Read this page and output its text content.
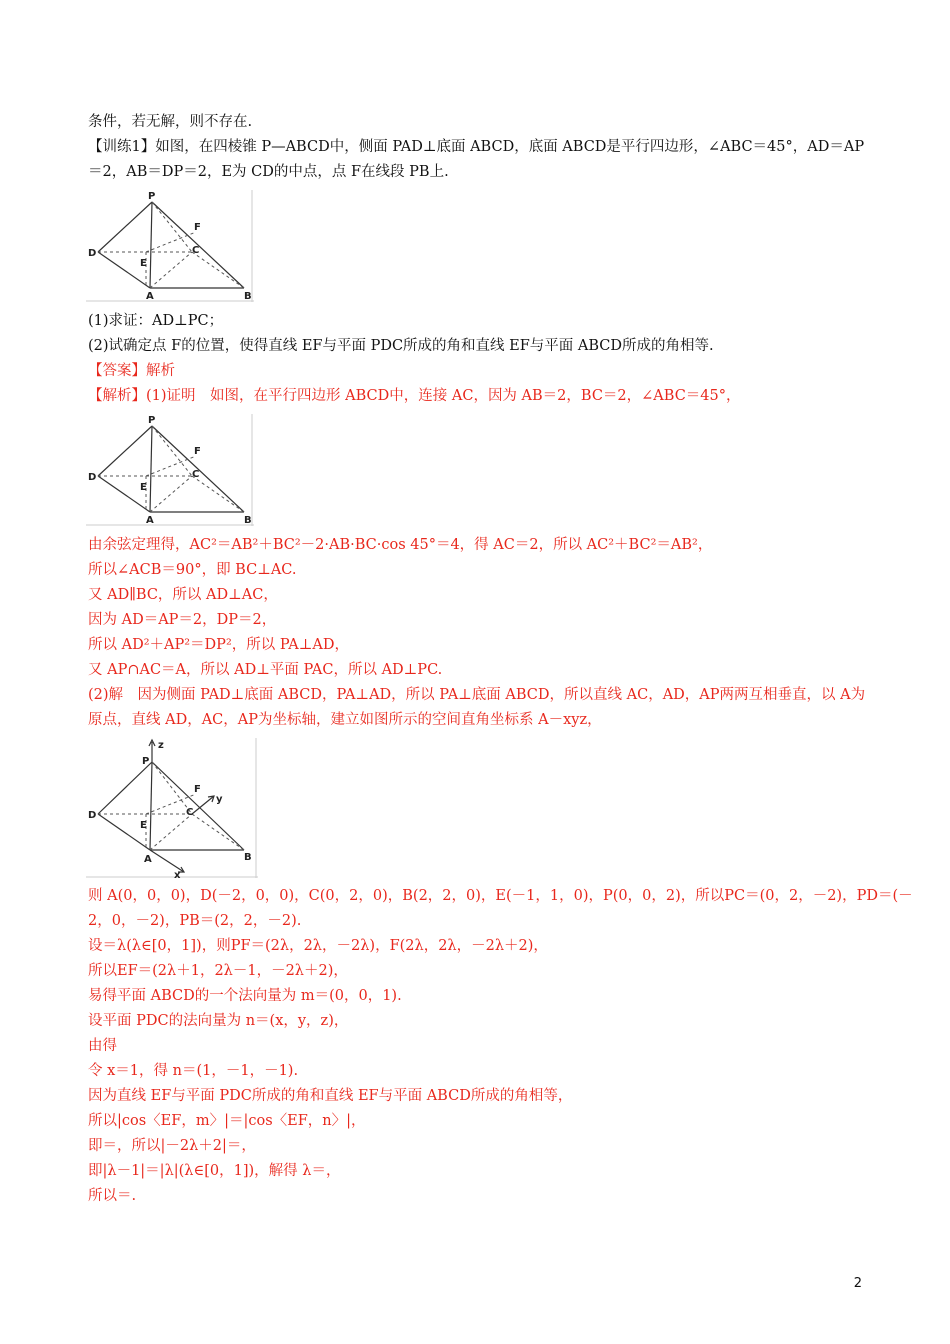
条件，若无解，则不存在.
【训练1】如图，在四棱锥 P—ABCD中，侧面 PAD⊥底面 ABCD，底面 ABCD是平行四边形，∠ABC＝45°，AD＝AP
＝2，AB＝DP＝2，E为 CD的中点，点 F在线段 PB上.
P
D
E
F
C
A	B
(1)求证：AD⊥PC；
(2)试确定点 F的位置，使得直线 EF与平面 PDC所成的角和直线 EF与平面 ABCD所成的角相等.
【答案】解析
【解析】(1)证明　如图，在平行四边形 ABCD中，连接 AC，因为 AB＝2，BC＝2，∠ABC＝45°，
P
D
E
F
C
A	B
由余弦定理得，AC²＝AB²＋BC²－2·AB·BC·cos 45°＝4，得 AC＝2，所以 AC²＋BC²＝AB²，
所以∠ACB＝90°，即 BC⊥AC.
又 AD∥BC，所以 AD⊥AC，
因为 AD＝AP＝2，DP＝2，
所以 AD²＋AP²＝DP²，所以 PA⊥AD，
又 AP∩AC＝A，所以 AD⊥平面 PAC，所以 AD⊥PC.
(2)解　因为侧面 PAD⊥底面 ABCD，PA⊥AD，所以 PA⊥底面 ABCD，所以直线 AC，AD，AP两两互相垂直，以 A为
原点，直线 AD，AC，AP为坐标轴，建立如图所示的空间直角坐标系 A－xyz，
z
P
D
E
F
y
C
A	B
x
则 A(0，0，0)，D(－2，0，0)，C(0，2，0)，B(2，2，0)，E(－1，1，0)，P(0，0，2)，所以PC＝(0，2，－2)，PD＝(－
2，0，－2)，PB＝(2，2，－2).
设＝λ(λ∈[0，1])，则PF＝(2λ，2λ，－2λ)，F(2λ，2λ，－2λ＋2)，
所以EF＝(2λ＋1，2λ－1，－2λ＋2)，
易得平面 ABCD的一个法向量为 m＝(0，0，1).
设平面 PDC的法向量为 n＝(x，y，z)，
由得
令 x＝1，得 n＝(1，－1，－1).
因为直线 EF与平面 PDC所成的角和直线 EF与平面 ABCD所成的角相等，
所以|cos〈EF，m〉|＝|cos〈EF，n〉|，
即＝，所以|－2λ＋2|＝，
即|λ－1|＝|λ|(λ∈[0，1])，解得 λ＝，
所以＝.
2
